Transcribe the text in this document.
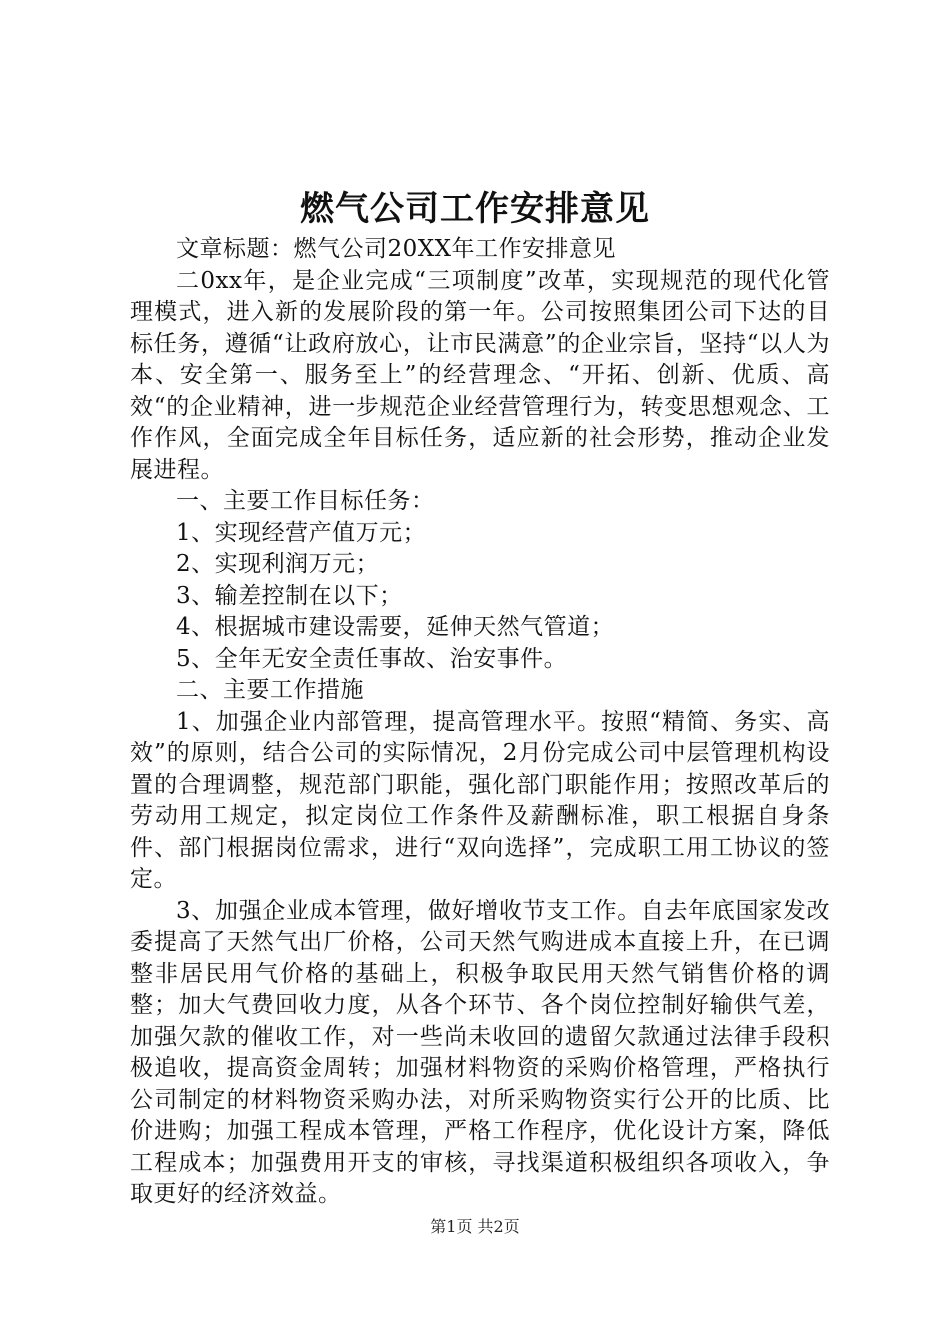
燃气公司工作安排意见

文章标题：燃气公司20XX年工作安排意见

二0xx年，是企业完成“三项制度”改革，实现规范的现代化管理模式，进入新的发展阶段的第一年。公司按照集团公司下达的目标任务，遵循“让政府放心，让市民满意”的企业宗旨，坚持“以人为本、安全第一、服务至上”的经营理念、“开拓、创新、优质、高效“的企业精神，进一步规范企业经营管理行为，转变思想观念、工作作风，全面完成全年目标任务，适应新的社会形势，推动企业发展进程。

一、主要工作目标任务：

1、实现经营产值万元；

2、实现利润万元；

3、输差控制在以下；

4、根据城市建设需要，延伸天然气管道；

5、全年无安全责任事故、治安事件。

二、主要工作措施

1、加强企业内部管理，提高管理水平。按照“精简、务实、高效”的原则，结合公司的实际情况，2月份完成公司中层管理机构设置的合理调整，规范部门职能，强化部门职能作用；按照改革后的劳动用工规定，拟定岗位工作条件及薪酬标准，职工根据自身条件、部门根据岗位需求，进行“双向选择”，完成职工用工协议的签定。

3、加强企业成本管理，做好增收节支工作。自去年底国家发改委提高了天然气出厂价格，公司天然气购进成本直接上升，在已调整非居民用气价格的基础上，积极争取民用天然气销售价格的调整；加大气费回收力度，从各个环节、各个岗位控制好输供气差，加强欠款的催收工作，对一些尚未收回的遗留欠款通过法律手段积极追收，提高资金周转；加强材料物资的采购价格管理，严格执行公司制定的材料物资采购办法，对所采购物资实行公开的比质、比价进购；加强工程成本管理，严格工作程序，优化设计方案，降低工程成本；加强费用开支的审核，寻找渠道积极组织各项收入，争取更好的经济效益。

第1页 共2页
